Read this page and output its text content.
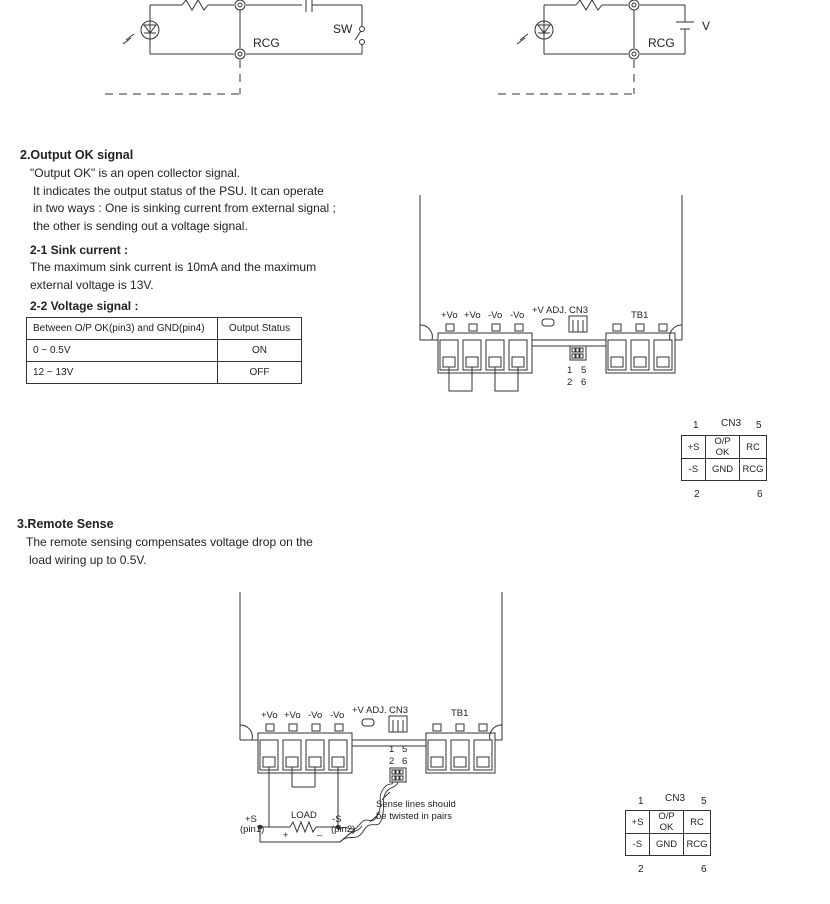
RCG
SW
RCG
V
2.Output OK signal
"Output OK" is an open collector signal.
It indicates the output status of the PSU. It can operate
in two ways : One is sinking current from external signal ;
the other is sending out a voltage signal.
2-1 Sink current :
The maximum sink current is 10mA and the maximum
external voltage is 13V.
2-2 Voltage signal :
Between O/P OK(pin3) and GND(pin4)	Output Status
0 ~ 0.5V	ON
12 ~ 13V	OFF
+Vo +Vo -Vo -Vo +V ADJ. CN3	TB1
1 5
2 6
1 CN3 5
+S	O/P OK	RC
-S	GND	RCG
2	6
3.Remote Sense
The remote sensing compensates voltage drop on the
load wiring up to 0.5V.
+Vo +Vo -Vo -Vo +V ADJ. CN3	TB1
1 5
2 6
+S
(pin1)
LOAD -S
(pin2)
+	–
Sense lines should
be twisted in pairs
1 CN3 5
+S	O/P OK	RC
-S	GND	RCG
2	6
